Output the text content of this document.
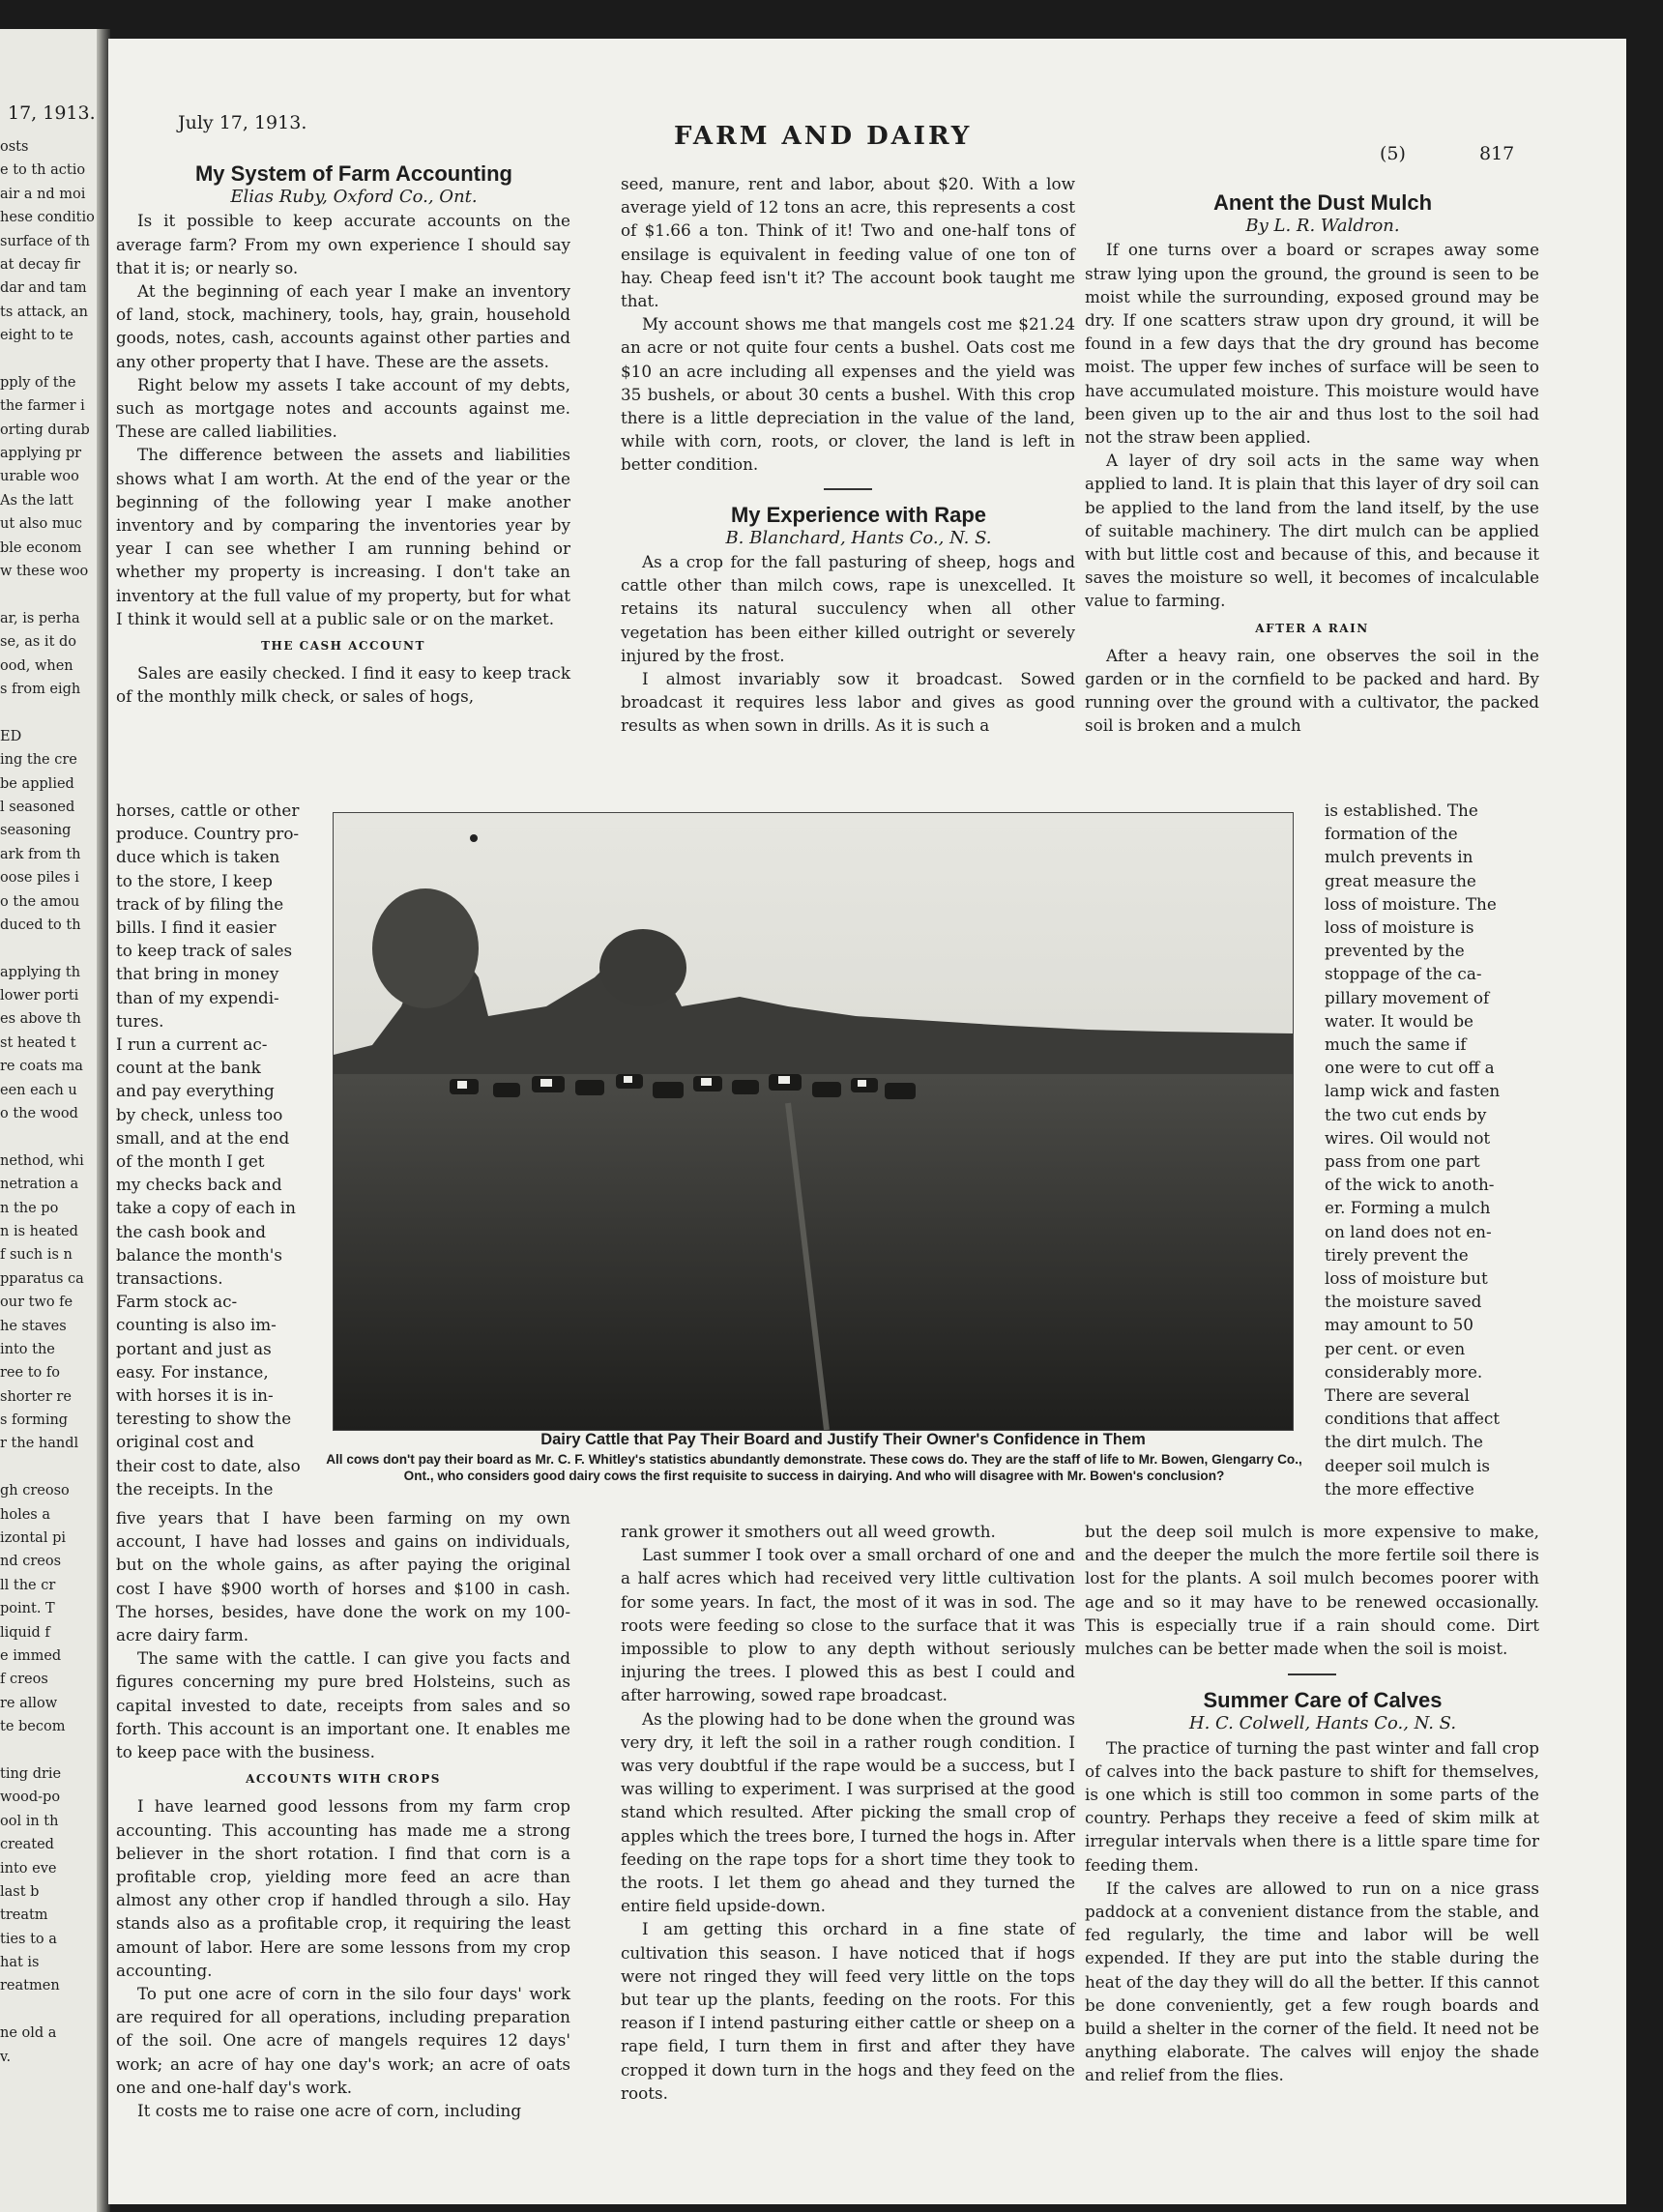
17, 1913.
osts
e to th actio
air a nd moi
hese conditio
surface of th
at decay fir
dar and tam
ts attack, an
eight to te
pply of the
the farmer i
orting durab
applying pr
urable woo
As the latt
ut also muc
ble econom
w these woo
ar, is perha
se, as it do
ood, when
s from eigh
ED
ing the cre
be applied
l seasoned
seasoning
ark from th
oose piles i
o the amou
duced to th
applying th
lower porti
es above th
st heated t
re coats ma
een each u
o the wood
nethod, whi
netration a
n the po
n is heated
f such is n
pparatus ca
our two fe
he staves
into the
ree to fo
shorter re
s forming
r the handl
gh creoso
holes a
izontal pi
nd creos
ll the cr
point. T
liquid f
e immed
f creos
re allow
te becom
ting drie
wood-po
ool in th
created
into eve
last b
treatm
ties to a
hat is
reatmen
ne old a
v.
July 17, 1913.	FARM AND DAIRY
(5)	817

My System of Farm Accounting

Elias Ruby, Oxford Co., Ont.

Is it possible to keep accurate accounts on the average farm? From my own experience I should say that it is; or nearly so.

At the beginning of each year I make an inventory of land, stock, machinery, tools, hay, grain, household goods, notes, cash, accounts against other parties and any other property that I have. These are the assets.

Right below my assets I take account of my debts, such as mortgage notes and accounts against me. These are called liabilities.

The difference between the assets and liabilities shows what I am worth. At the end of the year or the beginning of the following year I make another inventory and by comparing the inventories year by year I can see whether I am running behind or whether my property is increasing. I don't take an inventory at the full value of my property, but for what I think it would sell at a public sale or on the market.

THE CASH ACCOUNT

Sales are easily checked. I find it easy to keep track of the monthly milk check, or sales of hogs,

horses, cattle or other
produce. Country pro-
duce which is taken
to the store, I keep
track of by filing the
bills. I find it easier
to keep track of sales
that bring in money
than of my expendi-
tures.
I run a current ac-
count at the bank
and pay everything
by check, unless too
small, and at the end
of the month I get
my checks back and
take a copy of each in
the cash book and
balance the month's
transactions.
Farm stock ac-
counting is also im-
portant and just as
easy. For instance,
with horses it is in-
teresting to show the
original cost and
their cost to date, also
the receipts. In the

five years that I have been farming on my own account, I have had losses and gains on individuals, but on the whole gains, as after paying the original cost I have $900 worth of horses and $100 in cash. The horses, besides, have done the work on my 100-acre dairy farm.

The same with the cattle. I can give you facts and figures concerning my pure bred Holsteins, such as capital invested to date, receipts from sales and so forth. This account is an important one. It enables me to keep pace with the business.

ACCOUNTS WITH CROPS

I have learned good lessons from my farm crop accounting. This accounting has made me a strong believer in the short rotation. I find that corn is a profitable crop, yielding more feed an acre than almost any other crop if handled through a silo. Hay stands also as a profitable crop, it requiring the least amount of labor. Here are some lessons from my crop accounting.

To put one acre of corn in the silo four days' work are required for all operations, including preparation of the soil. One acre of mangels requires 12 days' work; an acre of hay one day's work; an acre of oats one and one-half day's work.

It costs me to raise one acre of corn, including

seed, manure, rent and labor, about $20. With a low average yield of 12 tons an acre, this represents a cost of $1.66 a ton. Think of it! Two and one-half tons of ensilage is equivalent in feeding value of one ton of hay. Cheap feed isn't it? The account book taught me that.

My account shows me that mangels cost me $21.24 an acre or not quite four cents a bushel. Oats cost me $10 an acre including all expenses and the yield was 35 bushels, or about 30 cents a bushel. With this crop there is a little depreciation in the value of the land, while with corn, roots, or clover, the land is left in better condition.

My Experience with Rape

B. Blanchard, Hants Co., N. S.

As a crop for the fall pasturing of sheep, hogs and cattle other than milch cows, rape is unexcelled. It retains its natural succulency when all other vegetation has been either killed outright or severely injured by the frost.

I almost invariably sow it broadcast. Sowed broadcast it requires less labor and gives as good results as when sown in drills. As it is such a

rank grower it smothers out all weed growth.

Last summer I took over a small orchard of one and a half acres which had received very little cultivation for some years. In fact, the most of it was in sod. The roots were feeding so close to the surface that it was impossible to plow to any depth without seriously injuring the trees. I plowed this as best I could and after harrowing, sowed rape broadcast.

As the plowing had to be done when the ground was very dry, it left the soil in a rather rough condition. I was very doubtful if the rape would be a success, but I was willing to experiment. I was surprised at the good stand which resulted. After picking the small crop of apples which the trees bore, I turned the hogs in. After feeding on the rape tops for a short time they took to the roots. I let them go ahead and they turned the entire field upside-down.

I am getting this orchard in a fine state of cultivation this season. I have noticed that if hogs were not ringed they will feed very little on the tops but tear up the plants, feeding on the roots. For this reason if I intend pasturing either cattle or sheep on a rape field, I turn them in first and after they have cropped it down turn in the hogs and they feed on the roots.

Anent the Dust Mulch

By L. R. Waldron.

If one turns over a board or scrapes away some straw lying upon the ground, the ground is seen to be moist while the surrounding, exposed ground may be dry. If one scatters straw upon dry ground, it will be found in a few days that the dry ground has become moist. The upper few inches of surface will be seen to have accumulated moisture. This moisture would have been given up to the air and thus lost to the soil had not the straw been applied.

A layer of dry soil acts in the same way when applied to land. It is plain that this layer of dry soil can be applied to the land from the land itself, by the use of suitable machinery. The dirt mulch can be applied with but little cost and because of this, and because it saves the moisture so well, it becomes of incalculable value to farming.

AFTER A RAIN

After a heavy rain, one observes the soil in the garden or in the cornfield to be packed and hard. By running over the ground with a cultivator, the packed soil is broken and a mulch

is established. The
formation of the
mulch prevents in
great measure the
loss of moisture. The
loss of moisture is
prevented by the
stoppage of the ca-
pillary movement of
water. It would be
much the same if
one were to cut off a
lamp wick and fasten
the two cut ends by
wires. Oil would not
pass from one part
of the wick to anoth-
er. Forming a mulch
on land does not en-
tirely prevent the
loss of moisture but
the moisture saved
may amount to 50
per cent. or even
considerably more.
There are several
conditions that affect
the dirt mulch. The
deeper soil mulch is
the more effective

but the deep soil mulch is more expensive to make, and the deeper the mulch the more fertile soil there is lost for the plants. A soil mulch becomes poorer with age and so it may have to be renewed occasionally. This is especially true if a rain should come. Dirt mulches can be better made when the soil is moist.

Summer Care of Calves

H. C. Colwell, Hants Co., N. S.

The practice of turning the past winter and fall crop of calves into the back pasture to shift for themselves, is one which is still too common in some parts of the country. Perhaps they receive a feed of skim milk at irregular intervals when there is a little spare time for feeding them.

If the calves are allowed to run on a nice grass paddock at a convenient distance from the stable, and fed regularly, the time and labor will be well expended. If they are put into the stable during the heat of the day they will do all the better. If this cannot be done conveniently, get a few rough boards and build a shelter in the corner of the field. It need not be anything elaborate. The calves will enjoy the shade and relief from the flies.

Dairy Cattle that Pay Their Board and Justify Their Owner's Confidence in Them
All cows don't pay their board as Mr. C. F. Whitley's statistics abundantly demonstrate. These cows do. They are the staff of life to Mr. Bowen, Glengarry Co., Ont., who considers good dairy cows the first requisite to success in dairying. And who will disagree with Mr. Bowen's conclusion?
